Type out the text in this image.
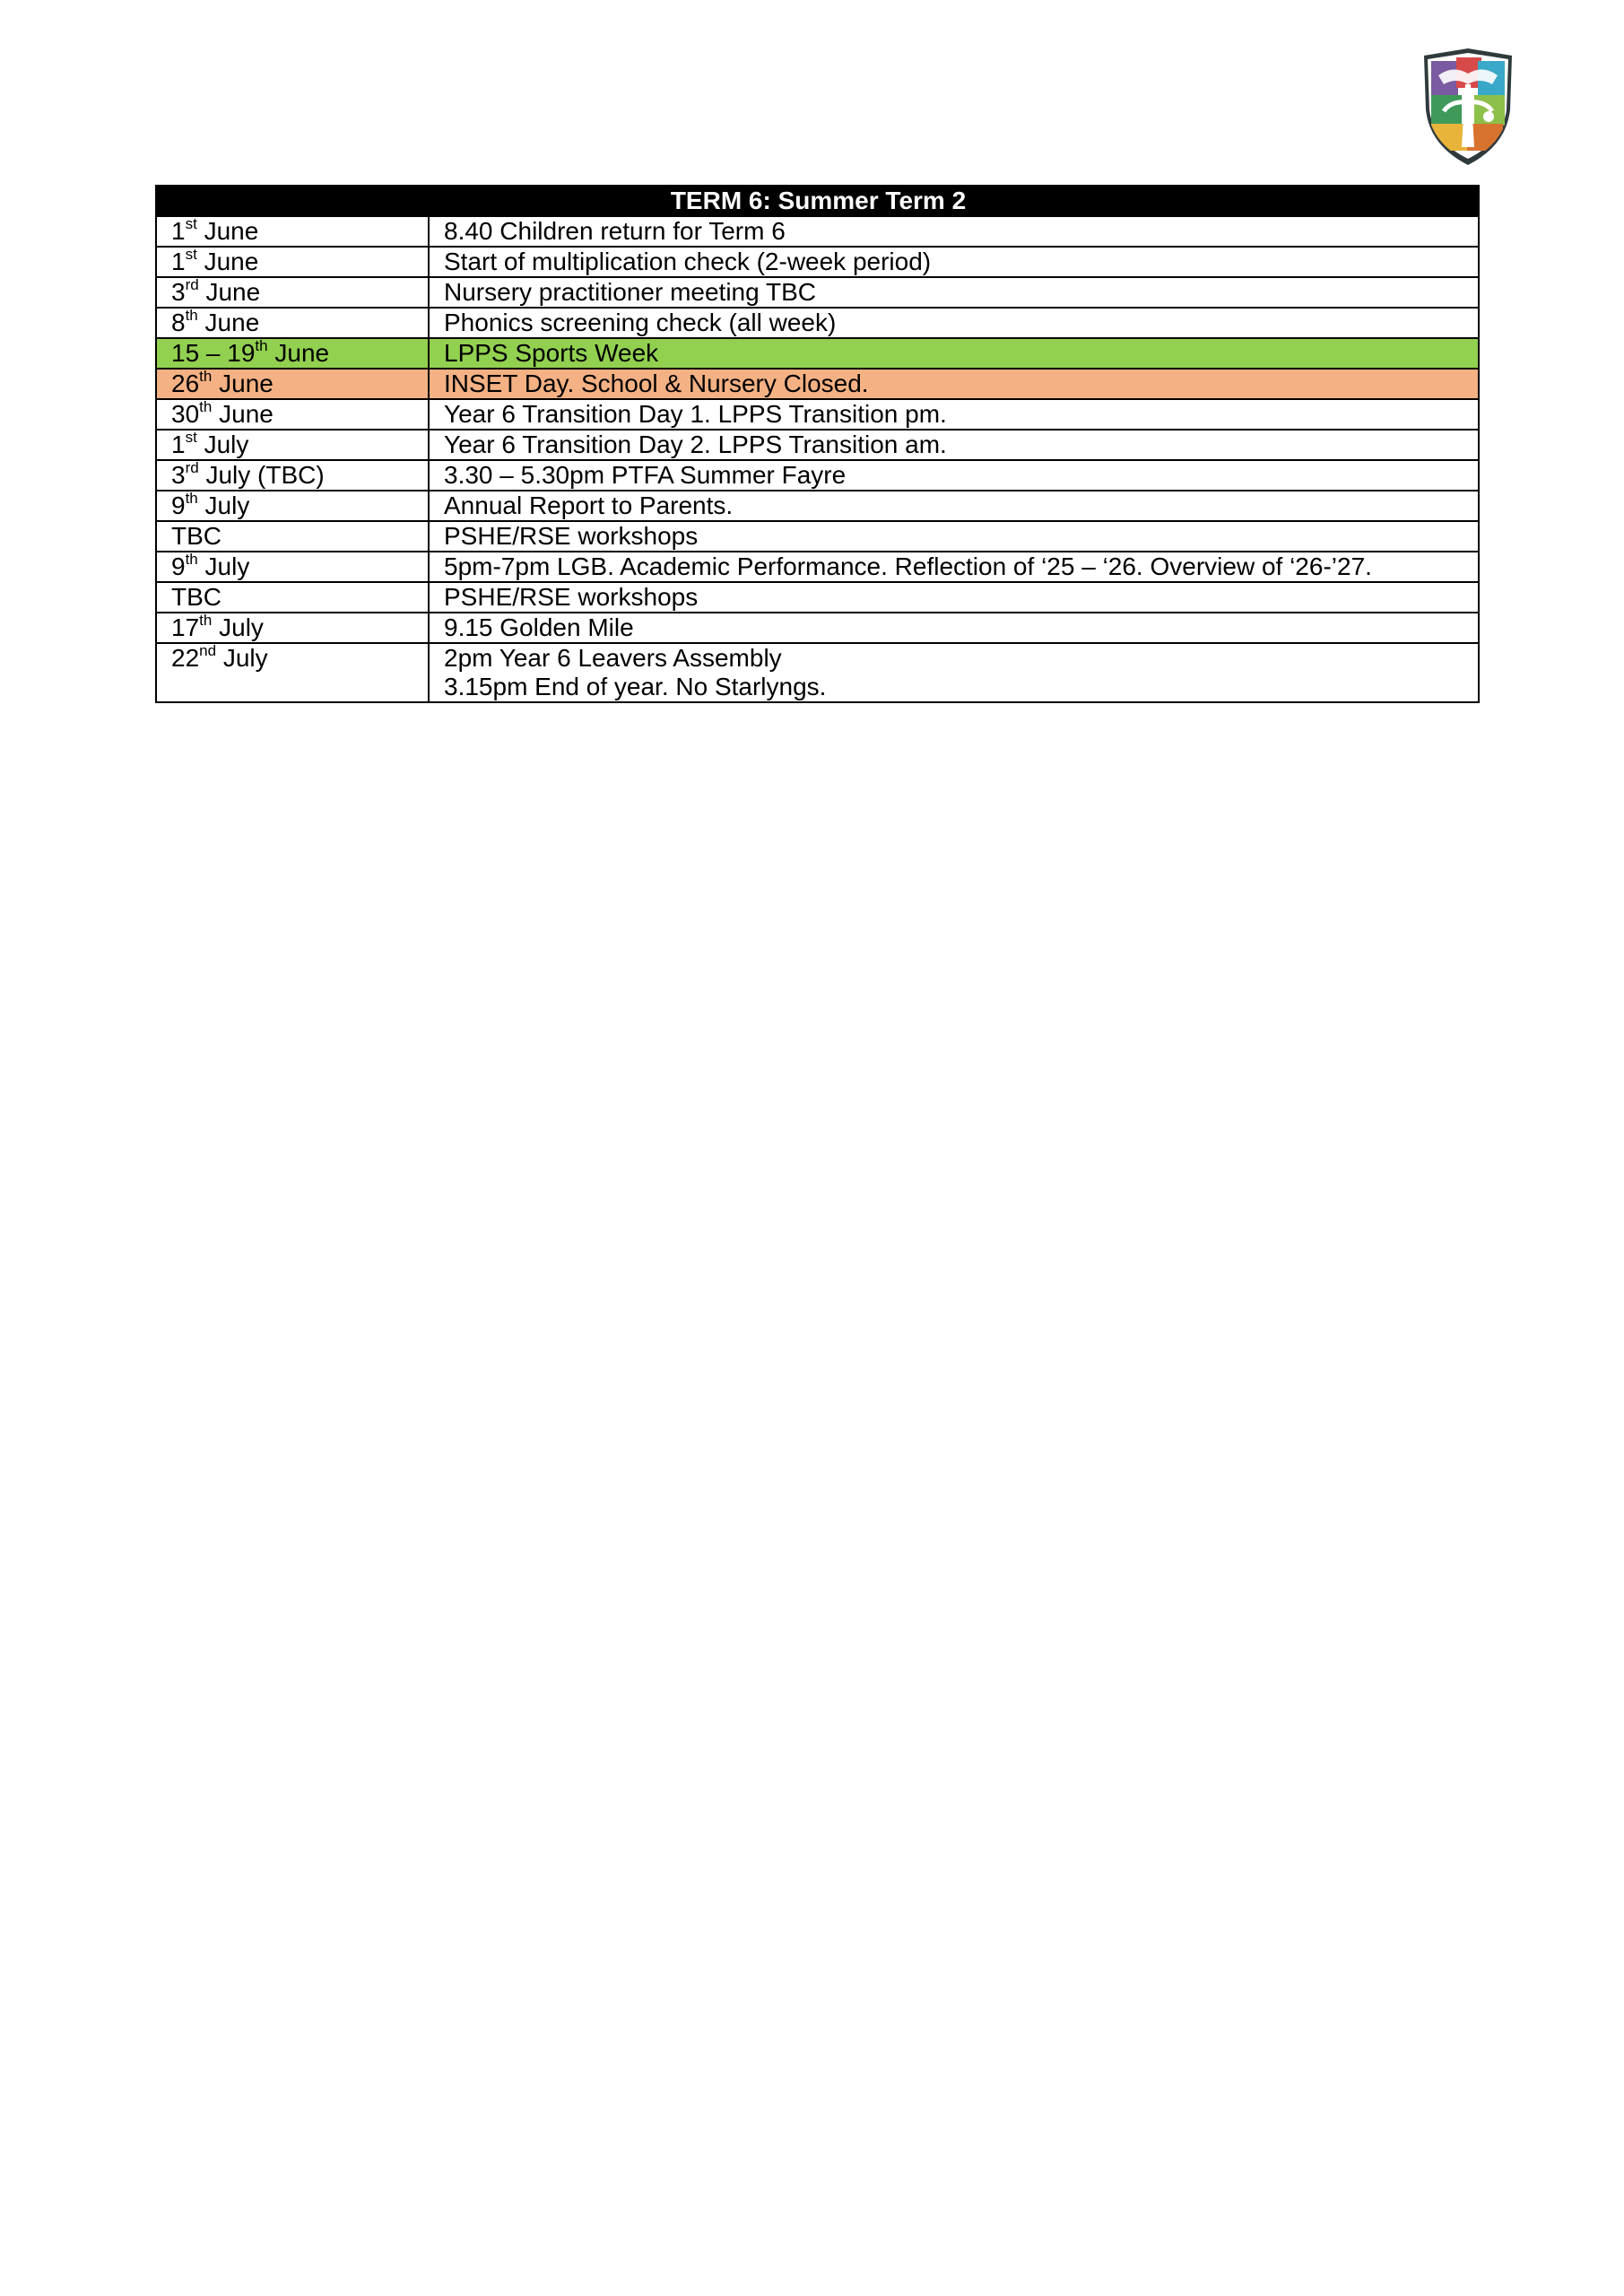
TERM 6: Summer Term 2	
1st June	8.40 Children return for Term 6
1st June	Start of multiplication check (2-week period)
3rd June	Nursery practitioner meeting TBC
8th June	Phonics screening check (all week)
15 – 19th June	LPPS Sports Week
26th June	INSET Day. School & Nursery Closed.
30th June	Year 6 Transition Day 1. LPPS Transition pm.
1st July	Year 6 Transition Day 2. LPPS Transition am.
3rd July (TBC)	3.30 – 5.30pm PTFA Summer Fayre
9th July	Annual Report to Parents.
TBC	PSHE/RSE workshops
9th July	5pm-7pm LGB. Academic Performance. Reflection of ‘25 – ‘26. Overview of ‘26-’27.
TBC	PSHE/RSE workshops
17th July	9.15 Golden Mile
22nd July	2pm Year 6 Leavers Assembly
3.15pm End of year. No Starlyngs.
